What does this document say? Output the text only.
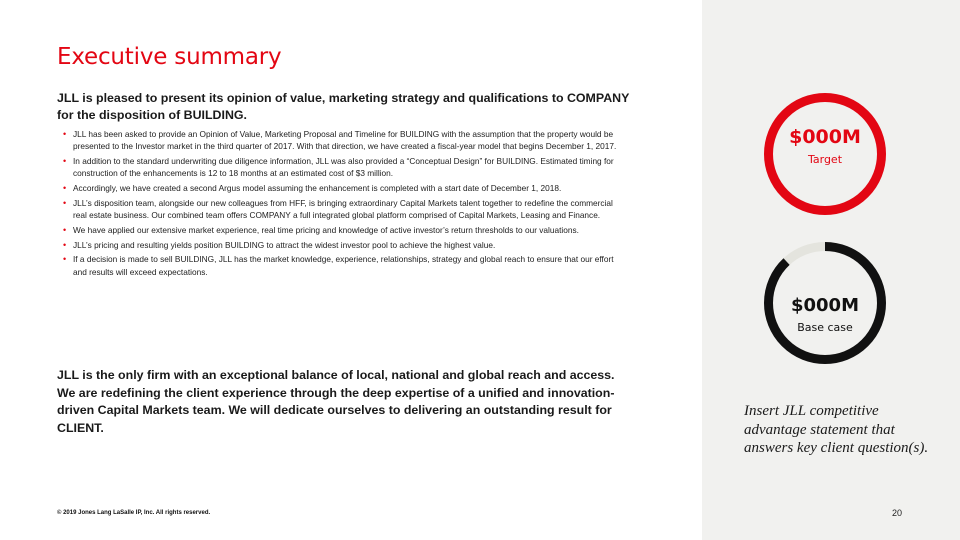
Executive summary
JLL is pleased to present its opinion of value, marketing strategy and qualifications to COMPANY for the disposition of BUILDING.
• JLL has been asked to provide an Opinion of Value, Marketing Proposal and Timeline for BUILDING with the assumption that the property would be presented to the Investor market in the third quarter of 2017. With that direction, we have created a fiscal-year model that begins December 1, 2017.
• In addition to the standard underwriting due diligence information, JLL was also provided a “Conceptual Design” for BUILDING. Estimated timing for construction of the enhancements is 12 to 18 months at an estimated cost of $3 million.
• Accordingly, we have created a second Argus model assuming the enhancement is completed with a start date of December 1, 2018.
• JLL’s disposition team, alongside our new colleagues from HFF, is bringing extraordinary Capital Markets talent together to redefine the commercial real estate business. Our combined team offers COMPANY a full integrated global platform comprised of Capital Markets, Leasing and Finance.
• We have applied our extensive market experience, real time pricing and knowledge of active investor’s return thresholds to our valuations.
• JLL’s pricing and resulting yields position BUILDING to attract the widest investor pool to achieve the highest value.
• If a decision is made to sell BUILDING, JLL has the market knowledge, experience, relationships, strategy and global reach to ensure that our effort and results will exceed expectations.
JLL is the only firm with an exceptional balance of local, national and global reach and access. We are redefining the client experience through the deep expertise of a unified and innovation-driven Capital Markets team. We will dedicate ourselves to delivering an outstanding result for CLIENT.
© 2019 Jones Lang LaSalle IP, Inc. All rights reserved.
$000M
Target
$000M
Base case
Insert JLL competitive advantage statement that answers key client question(s).
20
